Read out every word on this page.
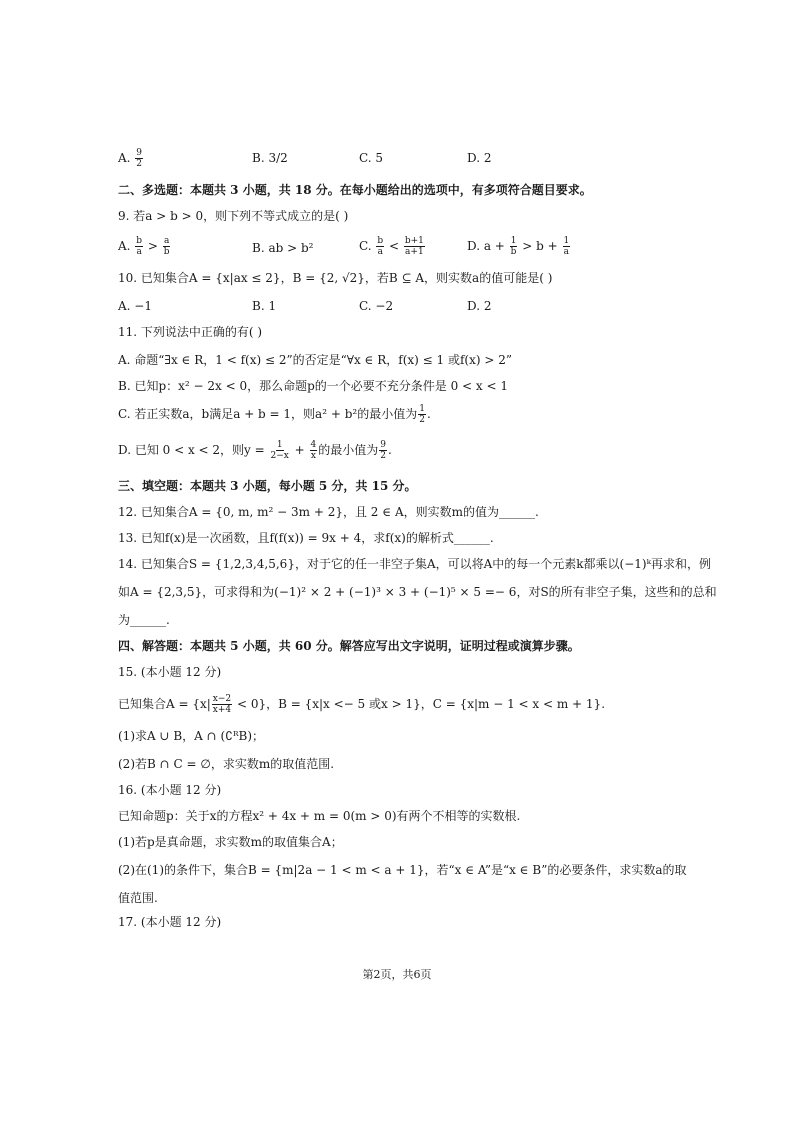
A. $\frac{9}{2}$	B. 3/2	C. 5	D. 2
二、多选题：本题共 3 小题，共 18 分。在每小题给出的选项中，有多项符合题目要求。
9. 若a > b > 0，则下列不等式成立的是( )
A. $\frac{b}{a} > \frac{a}{b}$	B. ab > b²	C. $\frac{b}{a} < \frac{b+1}{a+1}$	D. $a + \frac{1}{b} > b + \frac{1}{a}$
10. 已知集合A = {x|ax ≤ 2}，B = {2, √2}，若B ⊆ A，则实数a的值可能是( )
A. −1	B. 1	C. −2	D. 2
11. 下列说法中正确的有( )
A. 命题“∃x ∈ R，1 < f(x) ≤ 2”的否定是“∀x ∈ R，f(x) ≤ 1 或f(x) > 2”
B. 已知p：x² − 2x < 0，那么命题p的一个必要不充分条件是 0 < x < 1
C. 若正实数a，b满足a + b = 1，则a² + b²的最小值为 $\frac{1}{2}$ .
D. 已知 0 < x < 2，则$y = \frac{1}{2-x} + \frac{4}{x}$ 的最小值为 $\frac{9}{2}$ .
三、填空题：本题共 3 小题，每小题 5 分，共 15 分。
12. 已知集合A = {0, m, m² − 3m + 2}，且 2 ∈ A，则实数m的值为______.
13. 已知f(x)是一次函数，且f(f(x)) = 9x + 4，求f(x)的解析式______.
14. 已知集合S = {1,2,3,4,5,6}，对于它的任一非空子集A，可以将A中的每一个元素k都乘以(−1)ᵏ再求和，例
如A = {2,3,5}，可求得和为(−1)² × 2 + (−1)³ × 3 + (−1)⁵ × 5 =− 6，对S的所有非空子集，这些和的总和
为______.
四、解答题：本题共 5 小题，共 60 分。解答应写出文字说明，证明过程或演算步骤。
15. (本小题 12 分)
已知集合$A = \{x| \frac{x-2}{x+4} < 0\}$，B = {x|x <− 5 或x > 1}，C = {x|m − 1 < x < m + 1}.
(1)求A ∪ B，A ∩ (∁ᴿB)；
(2)若B ∩ C = ∅，求实数m的取值范围.
16. (本小题 12 分)
已知命题p：关于x的方程x² + 4x + m = 0(m > 0)有两个不相等的实数根.
(1)若p是真命题，求实数m的取值集合A；
(2)在(1)的条件下，集合B = {m|2a − 1 < m < a + 1}，若“x ∈ A”是“x ∈ B”的必要条件，求实数a的取
值范围.
17. (本小题 12 分)
第2页，共6页
